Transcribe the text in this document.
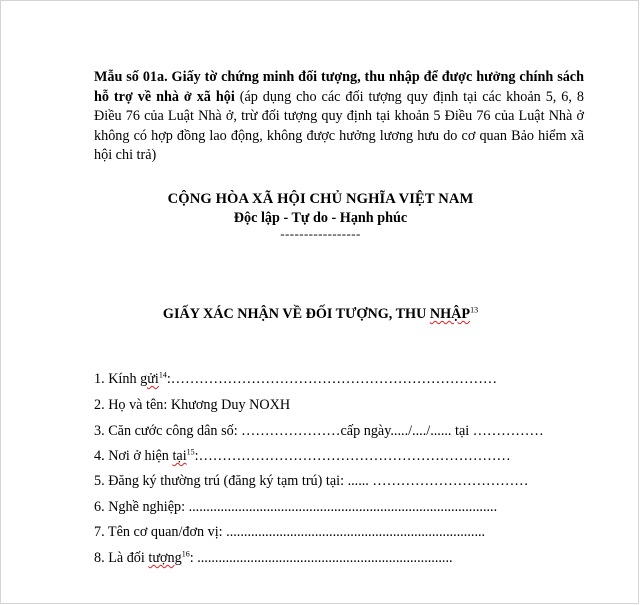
Mẫu số 01a. Giấy tờ chứng minh đối tượng, thu nhập để được hưởng chính sách hỗ trợ về nhà ở xã hội (áp dụng cho các đối tượng quy định tại các khoản 5, 6, 8 Điều 76 của Luật Nhà ở, trừ đối tượng quy định tại khoản 5 Điều 76 của Luật Nhà ở không có hợp đồng lao động, không được hưởng lương hưu do cơ quan Bảo hiểm xã hội chi trả)
CỘNG HÒA XÃ HỘI CHỦ NGHĨA VIỆT NAM
Độc lập - Tự do - Hạnh phúc
-----------------
GIẤY XÁC NHẬN VỀ ĐỐI TƯỢNG, THU NHẬP$^{13}$
1. Kính gửi$^{14}$:……………………………………………………………
2. Họ và tên: Khương Duy NOXH
3. Căn cước công dân số: …………………cấp ngày...../..../...... tại ……………
4. Nơi ở hiện tại$^{15}$:…………………………………………………………
5. Đăng ký thường trú (đăng ký tạm trú) tại: ...... ……………………………
6. Nghề nghiệp: .......................................................................................
7. Tên cơ quan/đơn vị: .........................................................................
8. Là đối tượng$^{16}$: ........................................................................
